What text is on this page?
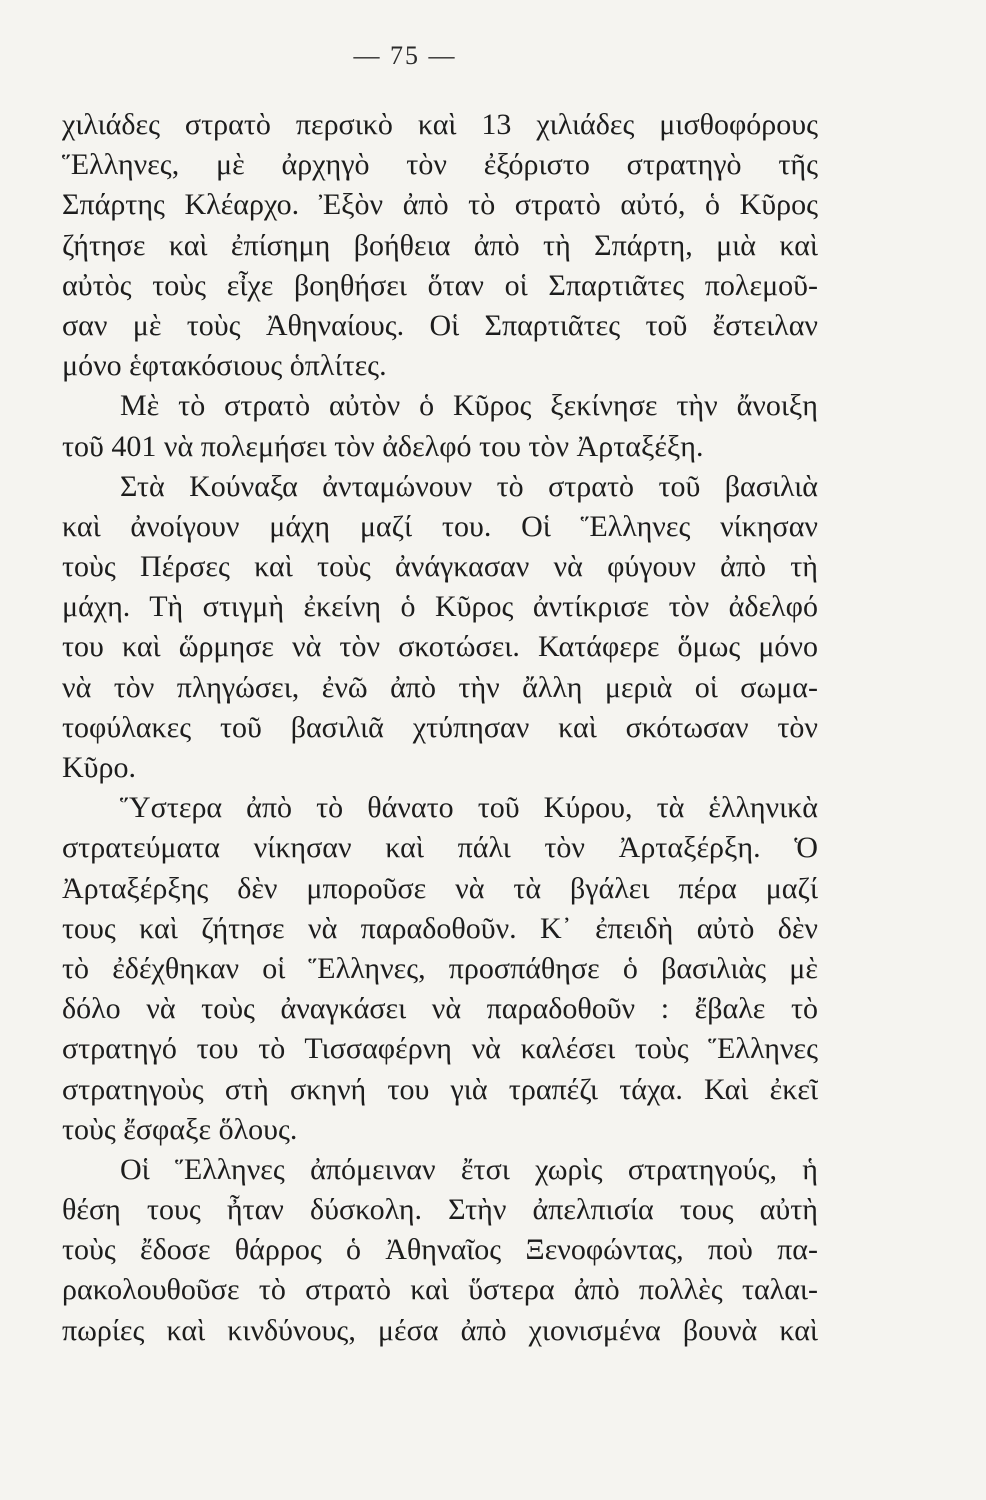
— 75 —
χιλιάδες στρατὸ περσικὸ καὶ 13 χιλιάδες μισθοφόρους
Ἕλληνες, μὲ ἀρχηγὸ τὸν ἐξόριστο στρατηγὸ τῆς
Σπάρτης Κλέαρχο. Ἐξὸν ἀπὸ τὸ στρατὸ αὐτό, ὁ Κῦρος
ζήτησε καὶ ἐπίσημη βοήθεια ἀπὸ τὴ Σπάρτη, μιὰ καὶ
αὐτὸς τοὺς εἶχε βοηθήσει ὅταν οἱ Σπαρτιᾶτες πολεμοῦ-
σαν μὲ τοὺς Ἀθηναίους. Οἱ Σπαρτιᾶτες τοῦ ἔστειλαν
μόνο ἑφτακόσιους ὁπλίτες.
Μὲ τὸ στρατὸ αὐτὸν ὁ Κῦρος ξεκίνησε τὴν ἄνοιξη
τοῦ 401 νὰ πολεμήσει τὸν ἀδελφό του τὸν Ἀρταξέξη.
Στὰ Κούναξα ἀνταμώνουν τὸ στρατὸ τοῦ βασιλιὰ
καὶ ἀνοίγουν μάχη μαζί του. Οἱ Ἕλληνες νίκησαν
τοὺς Πέρσες καὶ τοὺς ἀνάγκασαν νὰ φύγουν ἀπὸ τὴ
μάχη. Τὴ στιγμὴ ἐκείνη ὁ Κῦρος ἀντίκρισε τὸν ἀδελφό
του καὶ ὥρμησε νὰ τὸν σκοτώσει. Κατάφερε ὅμως μόνο
νὰ τὸν πληγώσει, ἐνῶ ἀπὸ τὴν ἄλλη μεριὰ οἱ σωμα-
τοφύλακες τοῦ βασιλιᾶ χτύπησαν καὶ σκότωσαν τὸν
Κῦρο.
Ὕστερα ἀπὸ τὸ θάνατο τοῦ Κύρου, τὰ ἑλληνικὰ
στρατεύματα νίκησαν καὶ πάλι τὸν Ἀρταξέρξη. Ὁ
Ἀρταξέρξης δὲν μποροῦσε νὰ τὰ βγάλει πέρα μαζί
τους καὶ ζήτησε νὰ παραδοθοῦν. Κ᾽ ἐπειδὴ αὐτὸ δὲν
τὸ ἐδέχθηκαν οἱ Ἕλληνες, προσπάθησε ὁ βασιλιὰς μὲ
δόλο νὰ τοὺς ἀναγκάσει νὰ παραδοθοῦν : ἔβαλε τὸ
στρατηγό του τὸ Τισσαφέρνη νὰ καλέσει τοὺς Ἕλληνες
στρατηγοὺς στὴ σκηνή του γιὰ τραπέζι τάχα. Καὶ ἐκεῖ
τοὺς ἔσφαξε ὅλους.
Οἱ Ἕλληνες ἀπόμειναν ἔτσι χωρὶς στρατηγούς, ἡ
θέση τους ἦταν δύσκολη. Στὴν ἀπελπισία τους αὐτὴ
τοὺς ἔδοσε θάρρος ὁ Ἀθηναῖος Ξενοφώντας, ποὺ πα-
ρακολουθοῦσε τὸ στρατὸ καὶ ὕστερα ἀπὸ πολλὲς ταλαι-
πωρίες καὶ κινδύνους, μέσα ἀπὸ χιονισμένα βουνὰ καὶ
